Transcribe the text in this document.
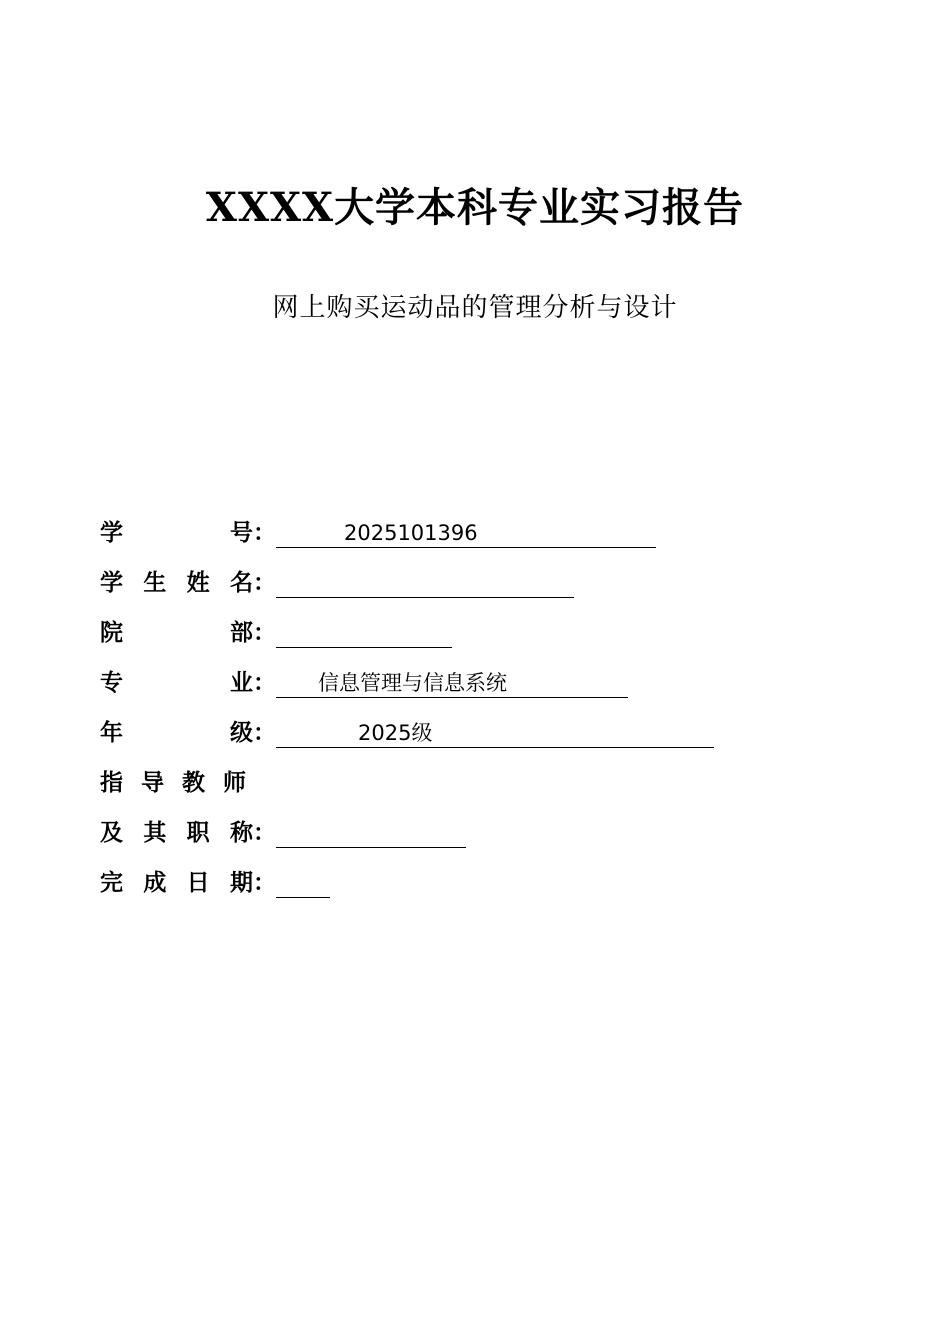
XXXX大学本科专业实习报告
网上购买运动品的管理分析与设计
学	号：	2025101396
学 生 姓 名：
院	部：
专	业：	信息管理与信息系统
年	级：	2025级
指 导 教 师
及 其 职 称：
完 成 日 期：
